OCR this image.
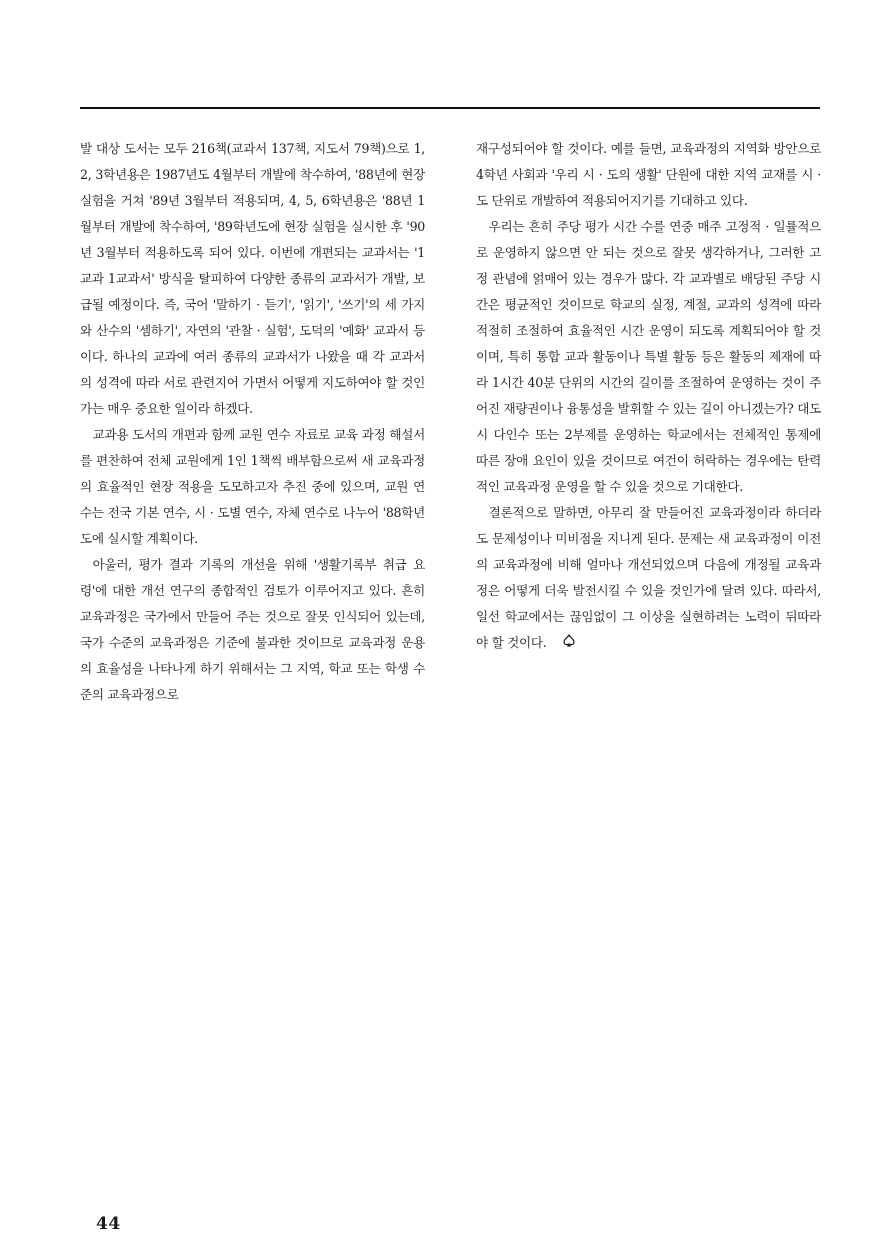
발 대상 도서는 모두 216책(교과서 137책, 지도서 79책)으로 1, 2, 3학년용은 1987년도 4월부터 개발에 착수하여, '88년에 현장 실험을 거쳐 '89년 3월부터 적용되며, 4, 5, 6학년용은 '88년 1월부터 개발에 착수하여, '89학년도에 현장 실험을 실시한 후 '90년 3월부터 적용하도록 되어 있다. 이번에 개편되는 교과서는 '1교과 1교과서' 방식을 탈피하여 다양한 종류의 교과서가 개발, 보급될 예정이다. 즉, 국어 '말하기 · 듣기', '읽기', '쓰기'의 세 가지와 산수의 '셈하기', 자연의 '관찰 · 실험', 도덕의 '예화' 교과서 등이다. 하나의 교과에 여러 종류의 교과서가 나왔을 때 각 교과서의 성격에 따라 서로 관련지어 가면서 어떻게 지도하여야 할 것인가는 매우 중요한 일이라 하겠다.

교과용 도서의 개편과 함께 교원 연수 자료로 교육 과정 해설서를 편찬하여 전체 교원에게 1인 1책씩 배부함으로써 새 교육과정의 효율적인 현장 적용을 도모하고자 추진 중에 있으며, 교원 연수는 전국 기본 연수, 시 · 도별 연수, 자체 연수로 나누어 '88학년도에 실시할 계획이다.

아울러, 평가 결과 기록의 개선을 위해 '생활기록부 취급 요령'에 대한 개선 연구의 종합적인 검토가 이루어지고 있다. 흔히 교육과정은 국가에서 만들어 주는 것으로 잘못 인식되어 있는데, 국가 수준의 교육과정은 기준에 불과한 것이므로 교육과정 운용의 효율성을 나타나게 하기 위해서는 그 지역, 학교 또는 학생 수준의 교육과정으로

재구성되어야 할 것이다. 예를 들면, 교육과정의 지역화 방안으로 4학년 사회과 '우리 시 · 도의 생활' 단원에 대한 지역 교재를 시 · 도 단위로 개발하여 적용되어지기를 기대하고 있다.

우리는 흔히 주당 평가 시간 수를 연중 매주 고정적 · 일률적으로 운영하지 않으면 안 되는 것으로 잘못 생각하거나, 그러한 고정 관념에 얽매어 있는 경우가 많다. 각 교과별로 배당된 주당 시간은 평균적인 것이므로 학교의 실정, 계절, 교과의 성격에 따라 적절히 조절하여 효율적인 시간 운영이 되도록 계획되어야 할 것이며, 특히 통합 교과 활동이나 특별 활동 등은 활동의 제재에 따라 1시간 40분 단위의 시간의 길이를 조절하여 운영하는 것이 주어진 재량권이나 융통성을 발휘할 수 있는 길이 아니겠는가? 대도시 다인수 또는 2부제를 운영하는 학교에서는 전체적인 통제에 따른 장애 요인이 있을 것이므로 여건이 허락하는 경우에는 탄력적인 교육과정 운영을 할 수 있을 것으로 기대한다.

결론적으로 말하면, 아무리 잘 만들어진 교육과정이라 하더라도 문제성이나 미비점을 지니게 된다. 문제는 새 교육과정이 이전의 교육과정에 비해 얼마나 개선되었으며 다음에 개정될 교육과정은 어떻게 더욱 발전시킬 수 있을 것인가에 달려 있다. 따라서, 일선 학교에서는 끊임없이 그 이상을 실현하려는 노력이 뒤따라야 할 것이다.

44
